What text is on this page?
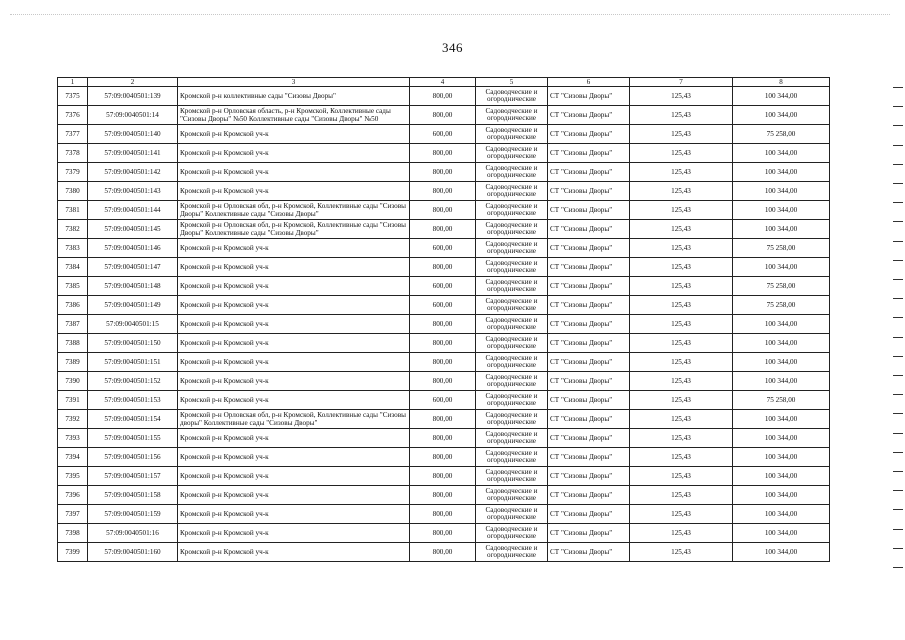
346
1	2	3	4	5	6	7	8
7375	57:09:0040501:139	Кромской р-н коллективные сады "Сизовы Дворы"	800,00	Садоводческие и огороднические	СТ "Сизовы Дворы"	125,43	100 344,00
7376	57:09:0040501:14	Кромской р-н Орловская область, р-н Кромской, Коллективные сады "Сизовы Дворы" №50 Коллективные сады "Сизовы Дворы" №50	800,00	Садоводческие и огороднические	СТ "Сизовы Дворы"	125,43	100 344,00
7377	57:09:0040501:140	Кромской р-н Кромской уч-к	600,00	Садоводческие и огороднические	СТ "Сизовы Дворы"	125,43	75 258,00
7378	57:09:0040501:141	Кромской р-н Кромской уч-к	800,00	Садоводческие и огороднические	СТ "Сизовы Дворы"	125,43	100 344,00
7379	57:09:0040501:142	Кромской р-н Кромской уч-к	800,00	Садоводческие и огороднические	СТ "Сизовы Дворы"	125,43	100 344,00
7380	57:09:0040501:143	Кромской р-н Кромской уч-к	800,00	Садоводческие и огороднические	СТ "Сизовы Дворы"	125,43	100 344,00
7381	57:09:0040501:144	Кромской р-н Орловская обл, р-н Кромской, Коллективные сады "Сизовы Дворы" Коллективные сады "Сизовы Дворы"	800,00	Садоводческие и огороднические	СТ "Сизовы Дворы"	125,43	100 344,00
7382	57:09:0040501:145	Кромской р-н Орловская обл, р-н Кромской, Коллективные сады "Сизовы Дворы" Коллективные сады "Сизовы Дворы"	800,00	Садоводческие и огороднические	СТ "Сизовы Дворы"	125,43	100 344,00
7383	57:09:0040501:146	Кромской р-н Кромской уч-к	600,00	Садоводческие и огороднические	СТ "Сизовы Дворы"	125,43	75 258,00
7384	57:09:0040501:147	Кромской р-н Кромской уч-к	800,00	Садоводческие и огороднические	СТ "Сизовы Дворы"	125,43	100 344,00
7385	57:09:0040501:148	Кромской р-н Кромской уч-к	600,00	Садоводческие и огороднические	СТ "Сизовы Дворы"	125,43	75 258,00
7386	57:09:0040501:149	Кромской р-н Кромской уч-к	600,00	Садоводческие и огороднические	СТ "Сизовы Дворы"	125,43	75 258,00
7387	57:09:0040501:15	Кромской р-н Кромской уч-к	800,00	Садоводческие и огороднические	СТ "Сизовы Дворы"	125,43	100 344,00
7388	57:09:0040501:150	Кромской р-н Кромской уч-к	800,00	Садоводческие и огороднические	СТ "Сизовы Дворы"	125,43	100 344,00
7389	57:09:0040501:151	Кромской р-н Кромской уч-к	800,00	Садоводческие и огороднические	СТ "Сизовы Дворы"	125,43	100 344,00
7390	57:09:0040501:152	Кромской р-н Кромской уч-к	800,00	Садоводческие и огороднические	СТ "Сизовы Дворы"	125,43	100 344,00
7391	57:09:0040501:153	Кромской р-н Кромской уч-к	600,00	Садоводческие и огороднические	СТ "Сизовы Дворы"	125,43	75 258,00
7392	57:09:0040501:154	Кромской р-н Орловская обл, р-н Кромской, Коллективные сады "Сизовы дворы" Коллективные сады "Сизовы Дворы"	800,00	Садоводческие и огороднические	СТ "Сизовы Дворы"	125,43	100 344,00
7393	57:09:0040501:155	Кромской р-н Кромской уч-к	800,00	Садоводческие и огороднические	СТ "Сизовы Дворы"	125,43	100 344,00
7394	57:09:0040501:156	Кромской р-н Кромской уч-к	800,00	Садоводческие и огороднические	СТ "Сизовы Дворы"	125,43	100 344,00
7395	57:09:0040501:157	Кромской р-н Кромской уч-к	800,00	Садоводческие и огороднические	СТ "Сизовы Дворы"	125,43	100 344,00
7396	57:09:0040501:158	Кромской р-н Кромской уч-к	800,00	Садоводческие и огороднические	СТ "Сизовы Дворы"	125,43	100 344,00
7397	57:09:0040501:159	Кромской р-н Кромской уч-к	800,00	Садоводческие и огороднические	СТ "Сизовы Дворы"	125,43	100 344,00
7398	57:09:0040501:16	Кромской р-н Кромской уч-к	800,00	Садоводческие и огороднические	СТ "Сизовы Дворы"	125,43	100 344,00
7399	57:09:0040501:160	Кромской р-н Кромской уч-к	800,00	Садоводческие и огороднические	СТ "Сизовы Дворы"	125,43	100 344,00
